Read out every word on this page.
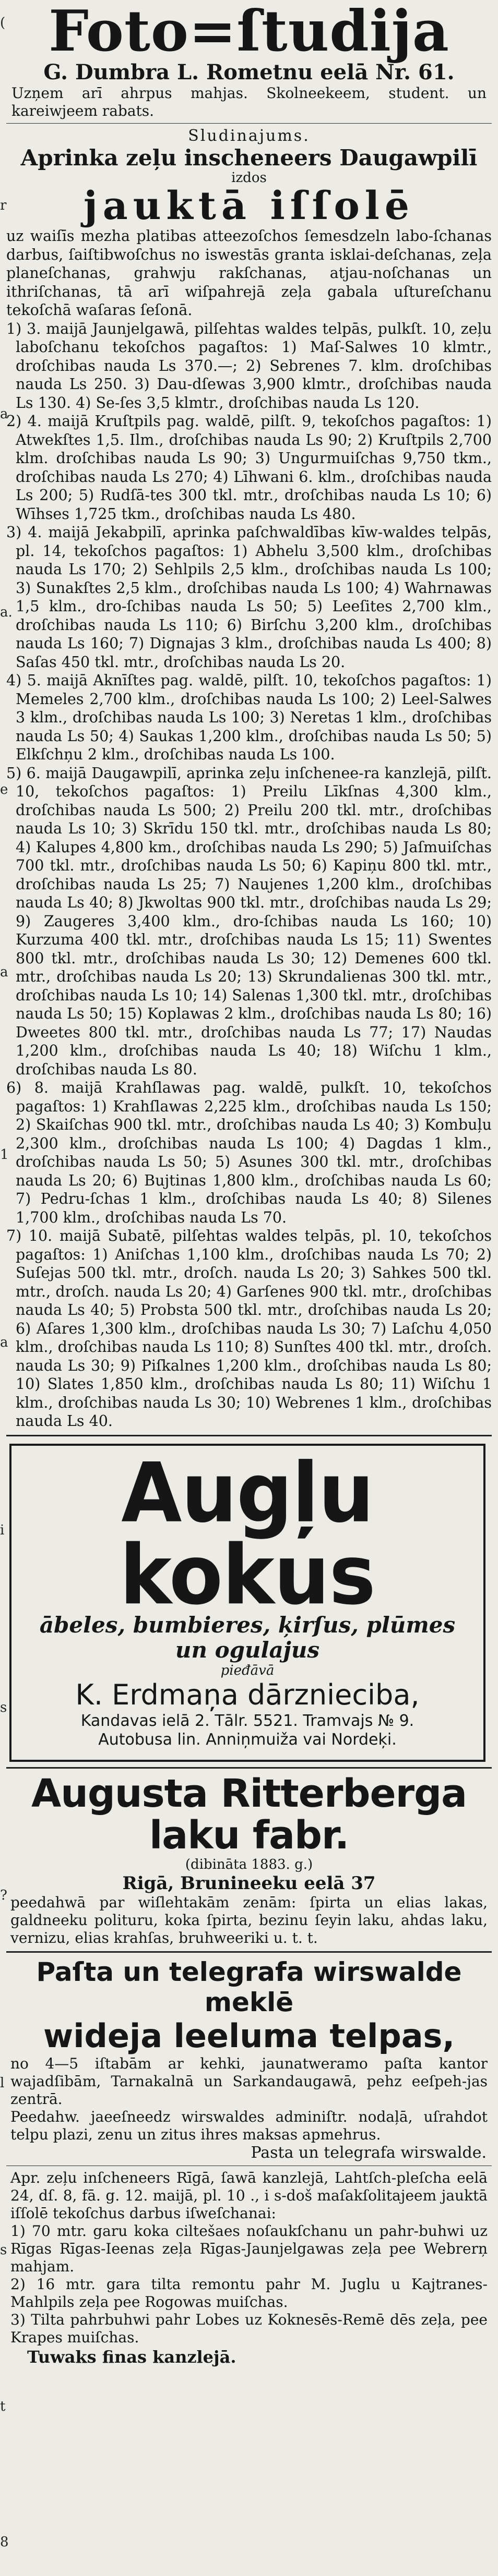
(
r
a
a.
e
a
1
a
i
s
?
l
s
t
8
Foto=ſtudija
G. Dumbra L. Rometnu eelā Nr. 61.
Uzņem arī ahrpus mahjas. Skolneekeem, student. un kareiwjeem rabats.
Sludinajums.
Aprinka zeļu inscheneers Daugawpilī
izdos
jauktā iſſolē

uz waiſīs mezha platibas atteezoſchos ſemesdzeln labo-ſchanas darbus, ſaiſtibwoſchus no iswestās granta isklai-deſchanas, zeļa planeſchanas, grahwju rakſchanas, atjau-noſchanas un ithriſchanas, tā arī wiſpahrejā zeļa gabala uſtureſchanu tekoſchā waſaras ſeſonā.

1) 3. maijā Jaunjelgawā, pilſehtas waldes telpās, pulkſt. 10, zeļu laboſchanu tekoſchos pagaſtos: 1) Maſ-Salwes 10 klmtr., droſchibas nauda Ls 370.—; 2) Sebrenes 7. klm. droſchibas nauda Ls 250. 3) Dau-dſewas 3,900 klmtr., droſchibas nauda Ls 130. 4) Se-ſes 3,5 klmtr., droſchibas nauda Ls 120.

2) 4. maijā Kruſtpils pag. waldē, pilſt. 9, tekoſchos pagaſtos: 1) Atwekſtes 1,5. Ilm., droſchibas nauda Ls 90; 2) Kruſtpils 2,700 klm. droſchibas nauda Ls 90; 3) Ungurmuiſchas 9,750 tkm., droſchibas nauda Ls 270; 4) Līhwani 6. klm., droſchibas nauda Ls 200; 5) Rudſā-tes 300 tkl. mtr., droſchibas nauda Ls 10; 6) Wīhses 1,725 tkm., droſchibas nauda Ls 480.

3) 4. maijā Jekabpilī, aprinka paſchwaldības kīw-waldes telpās, pl. 14, tekoſchos pagaſtos: 1) Abhelu 3,500 klm., droſchibas nauda Ls 170; 2) Sehlpils 2,5 klm., droſchibas nauda Ls 100; 3) Sunakſtes 2,5 klm., droſchibas nauda Ls 100; 4) Wahrnawas 1,5 klm., dro-ſchibas nauda Ls 50; 5) Leeſites 2,700 klm., droſchibas nauda Ls 110; 6) Birſchu 3,200 klm., droſchibas nauda Ls 160; 7) Dignajas 3 klm., droſchibas nauda Ls 400; 8) Saſas 450 tkl. mtr., droſchibas nauda Ls 20.

4) 5. maijā Aknīſtes pag. waldē, pilſt. 10, tekoſchos pagaſtos: 1) Memeles 2,700 klm., droſchibas nauda Ls 100; 2) Leel-Salwes 3 klm., droſchibas nauda Ls 100; 3) Neretas 1 klm., droſchibas nauda Ls 50; 4) Saukas 1,200 klm., droſchibas nauda Ls 50; 5) Elkſchņu 2 klm., droſchibas nauda Ls 100.

5) 6. maijā Daugawpilī, aprinka zeļu inſchenee-ra kanzlejā, pilſt. 10, tekoſchos pagaſtos: 1) Preilu Līkſnas 4,300 klm., droſchibas nauda Ls 500; 2) Preilu 200 tkl. mtr., droſchibas nauda Ls 10; 3) Skrīdu 150 tkl. mtr., droſchibas nauda Ls 80; 4) Kalupes 4,800 km., droſchibas nauda Ls 290; 5) Jaſmuiſchas 700 tkl. mtr., droſchibas nauda Ls 50; 6) Kapiņu 800 tkl. mtr., droſchibas nauda Ls 25; 7) Naujenes 1,200 klm., droſchibas nauda Ls 40; 8) Jkwoltas 900 tkl. mtr., droſchibas nauda Ls 29; 9) Zaugeres 3,400 klm., dro-ſchibas nauda Ls 160; 10) Kurzuma 400 tkl. mtr., droſchibas nauda Ls 15; 11) Swentes 800 tkl. mtr., droſchibas nauda Ls 30; 12) Demenes 600 tkl. mtr., droſchibas nauda Ls 20; 13) Skrundalienas 300 tkl. mtr., droſchibas nauda Ls 10; 14) Salenas 1,300 tkl. mtr., droſchibas nauda Ls 50; 15) Koplawas 2 klm., droſchibas nauda Ls 80; 16) Dweetes 800 tkl. mtr., droſchibas nauda Ls 77; 17) Naudas 1,200 klm., droſchibas nauda Ls 40; 18) Wiſchu 1 klm., droſchibas nauda Ls 80.

6) 8. maijā Krahſlawas pag. waldē, pulkſt. 10, tekoſchos pagaſtos: 1) Krahſlawas 2,225 klm., droſchibas nauda Ls 150; 2) Skaiſchas 900 tkl. mtr., droſchibas nauda Ls 40; 3) Kombuļu 2,300 klm., droſchibas nauda Ls 100; 4) Dagdas 1 klm., droſchibas nauda Ls 50; 5) Asunes 300 tkl. mtr., droſchibas nauda Ls 20; 6) Bujtinas 1,800 klm., droſchibas nauda Ls 60; 7) Pedru-ſchas 1 klm., droſchibas nauda Ls 40; 8) Silenes 1,700 klm., droſchibas nauda Ls 70.

7) 10. maijā Subatē, pilſehtas waldes telpās, pl. 10, tekoſchos pagaſtos: 1) Aniſchas 1,100 klm., droſchibas nauda Ls 70; 2) Suſejas 500 tkl. mtr., droſch. nauda Ls 20; 3) Sahkes 500 tkl. mtr., droſch. nauda Ls 20; 4) Garſenes 900 tkl. mtr., droſchibas nauda Ls 40; 5) Probsta 500 tkl. mtr., droſchibas nauda Ls 20; 6) Aſares 1,300 klm., droſchibas nauda Ls 30; 7) Laſchu 4,050 klm., droſchibas nauda Ls 110; 8) Sunſtes 400 tkl. mtr., droſch. nauda Ls 30; 9) Piſkalnes 1,200 klm., droſchibas nauda Ls 80; 10) Slates 1,850 klm., droſchibas nauda Ls 80; 11) Wiſchu 1 klm., droſchibas nauda Ls 30; 10) Webrenes 1 klm., droſchibas nauda Ls 40.

Augļu kokus
ābeles, bumbieres, ķirſus, plūmes un ogulajus
pieđāvā
K. Erdmaņa dārznieciba,
Kandavas ielā 2. Tālr. 5521. Tramvajs № 9.
Autobusa lin. Anniņmuiža vai Nordeķi.
Augusta Ritterberga laku fabr.
(dibināta 1883. g.)
Rigā, Brunineeku eelā 37

peedahwā par wiſlehtakām zenām: ſpirta un elias lakas, galdneeku polituru, koka ſpirta, bezinu ſeyin laku, ahdas laku, vernizu, elias krahſas, bruhweeriki u. t. t.

Paſta un telegrafa wirswalde meklē
wideja leeluma telpas,

no 4—5 iſtabām ar kehki, jaunatweramo paſta kantor wajadſibām, Tarnakalnā un Sarkandaugawā, pehz eeſpeh-jas zentrā.

Peedahw. jaeeſneedz wirswaldes adminiſtr. nodaļā, uſrahdot telpu plazi, zenu un zitus ihres maksas apmehrus.

Pasta un telegrafa wirswalde.

Apr. zeļu inſcheneers Rīgā, ſawā kanzlejā, Lahtſch-pleſcha eelā 24, dſ. 8, fā. g. 12. maijā, pl. 10 ., i s-doš maſakſolitajeem jauktā iſſolē tekoſchus darbus iſweſchanai:

1) 70 mtr. garu koka ciltešaes noſaukſchanu un pahr-buhwi uz Rīgas Rīgas-Ieenas zeļa Rīgas-Jaunjelgawas zeļa pee Webrerņ mahjam.

2) 16 mtr. gara tilta remontu pahr M. Juglu u Kajtranes-Mahlpils zeļa pee Rogowas muiſchas.

3) Tilta pahrbuhwi pahr Lobes uz Koknesēs-Remē dēs zeļa, pee Krapes muiſchas.

Tuwaks finas kanzlejā.
